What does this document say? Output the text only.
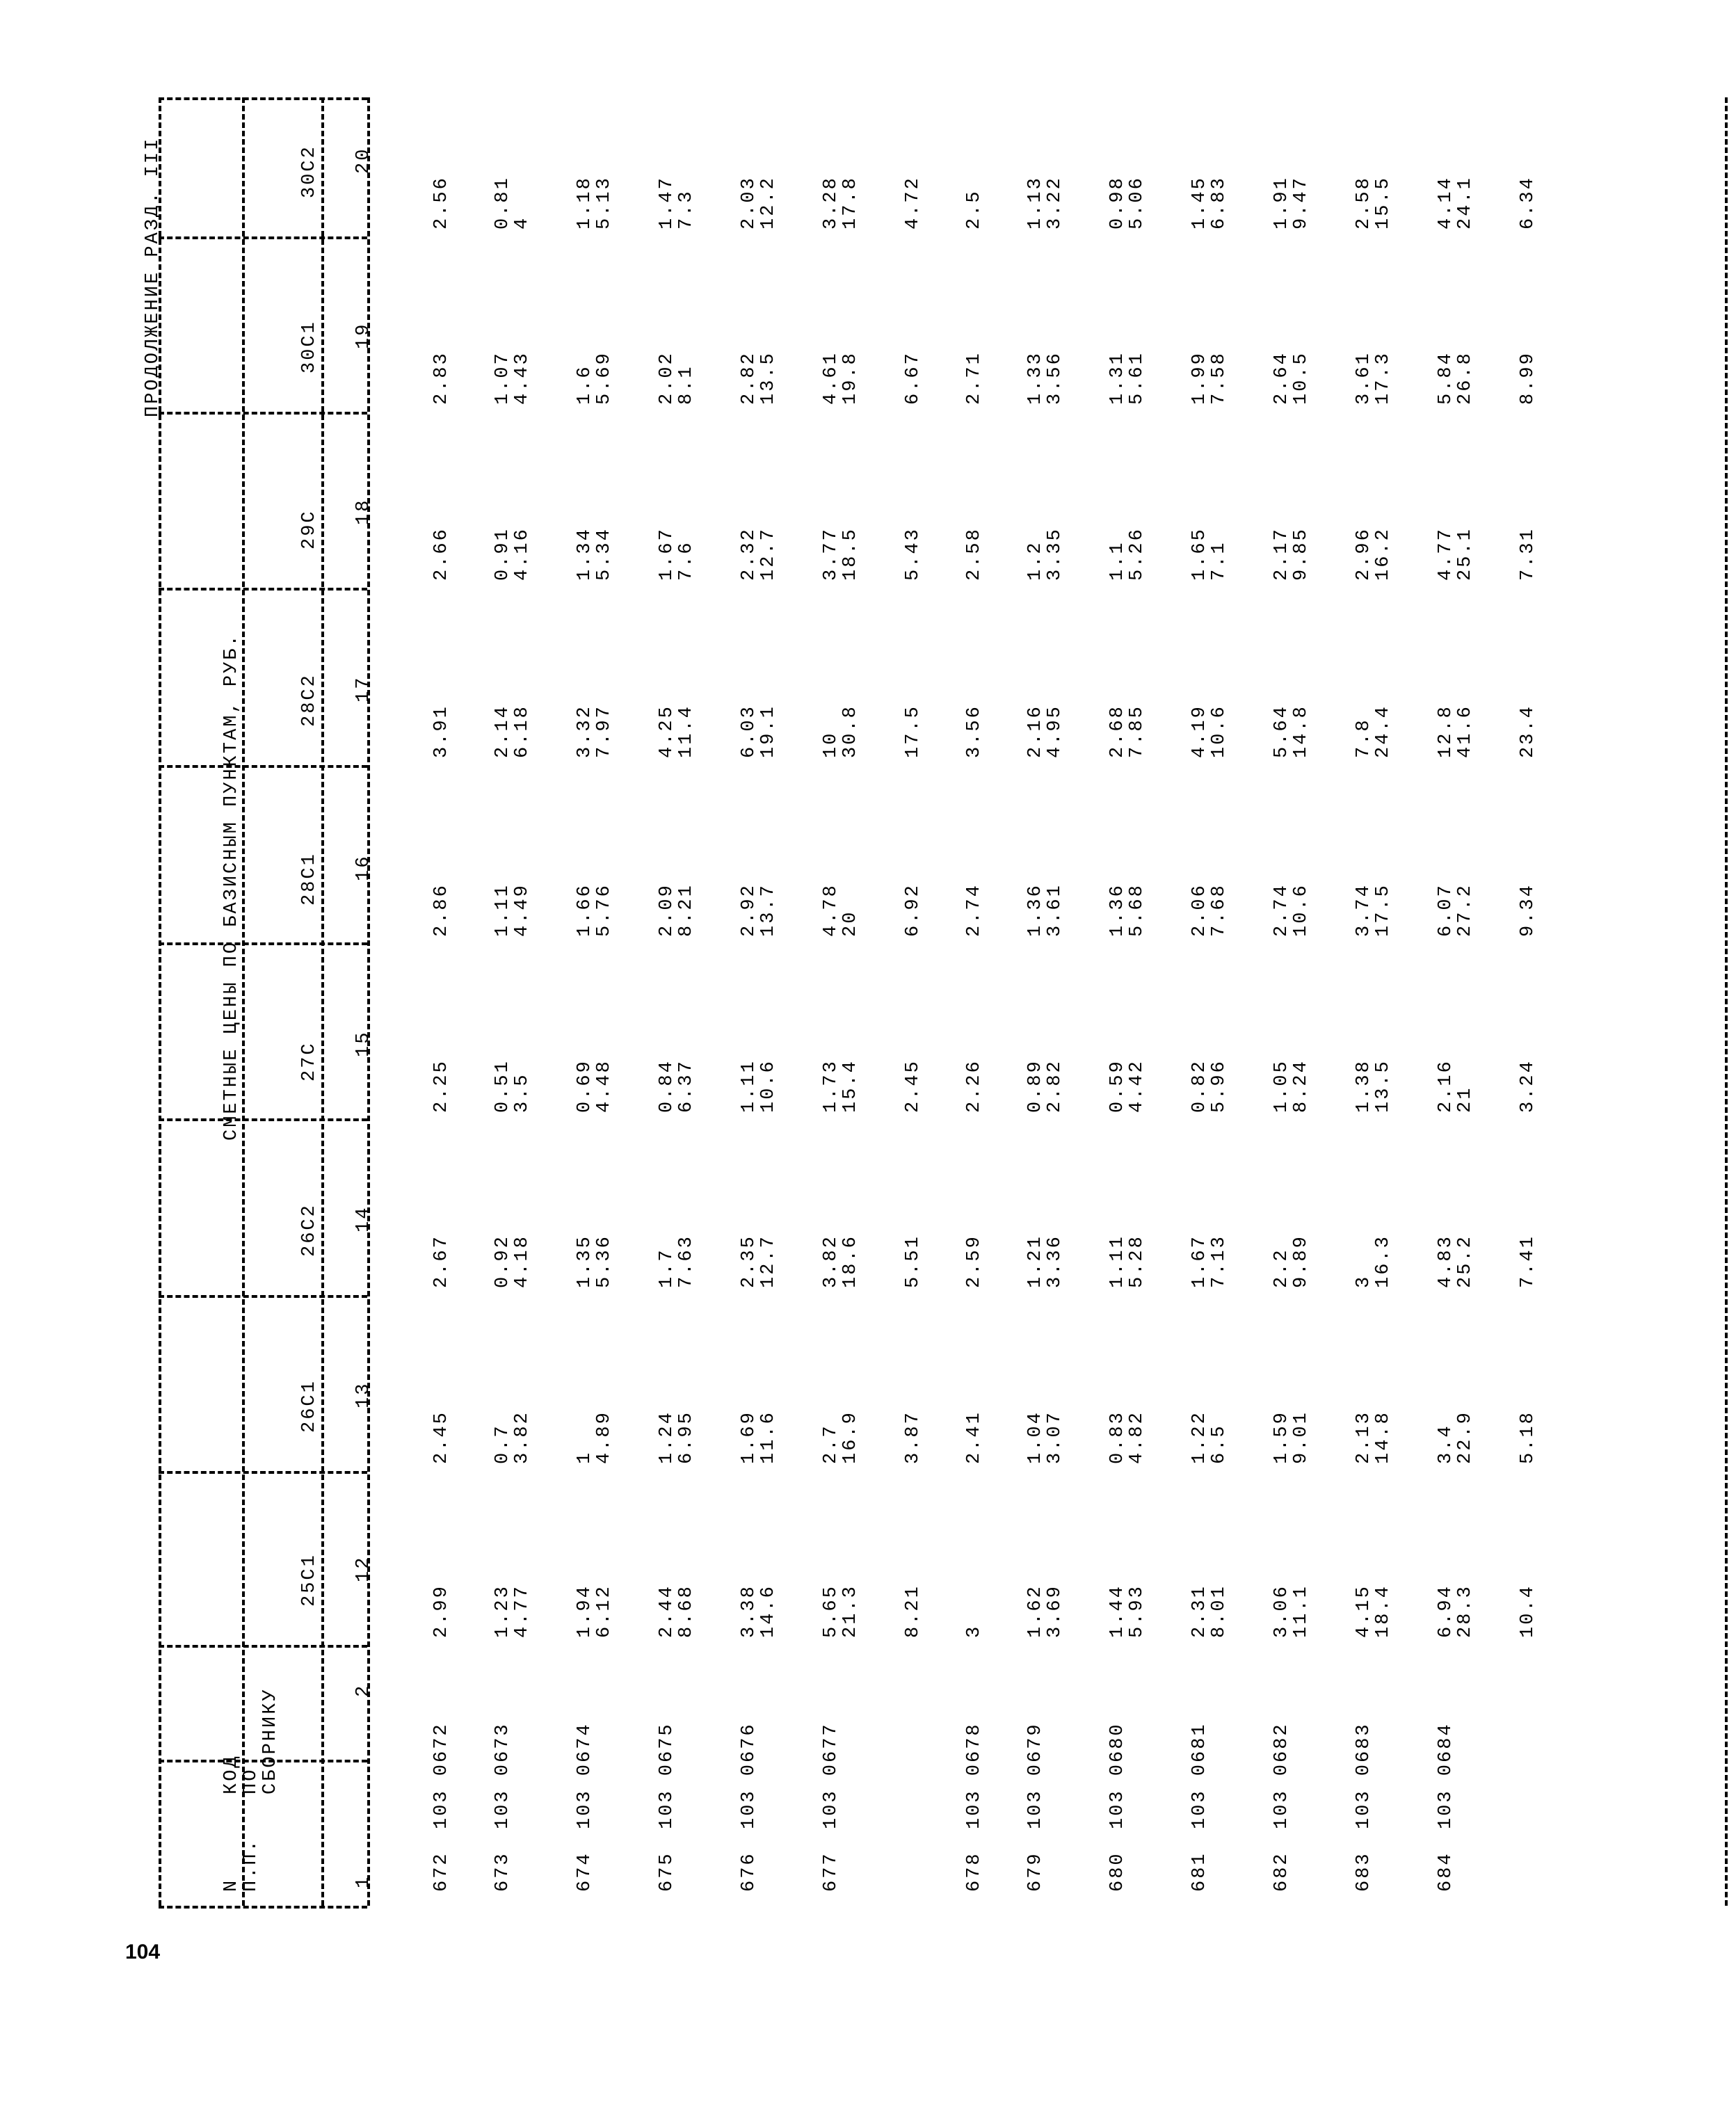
104
ПРОДОЛЖЕНИЕ РАЗД. III
СМЕТНЫЕ ЦЕНЫ ПО БАЗИСНЫМ ПУНКТАМ, РУБ.
N
П.П.
КОД
ПО
СБОРНИКУ
1
2
25С1 12
26С1 13
26С2 14
27С 15
28С1 16
28С2 17
29С 18
30С1 19
30С2 20
672
103 0672
2.99
2.45
2.67
2.25
2.86
3.91
2.66
2.83
2.56
673
103 0673
1.23
0.7
0.92
0.51
1.11
2.14
0.91
1.07
0.81
4.77
3.82
4.18
3.5
4.49
6.18
4.16
4.43
4
674
103 0674
1.94
1
1.35
0.69
1.66
3.32
1.34
1.6
1.18
6.12
4.89
5.36
4.48
5.76
7.97
5.34
5.69
5.13
675
103 0675
2.44
1.24
1.7
0.84
2.09
4.25
1.67
2.02
1.47
8.68
6.95
7.63
6.37
8.21
11.4
7.6
8.1
7.3
676
103 0676
3.38
1.69
2.35
1.11
2.92
6.03
2.32
2.82
2.03
14.6
11.6
12.7
10.6
13.7
19.1
12.7
13.5
12.2
677
103 0677
5.65
2.7
3.82
1.73
4.78
10
3.77
4.61
3.28
21.3
16.9
18.6
15.4
20
30.8
18.5
19.8
17.8
8.21
3.87
5.51
2.45
6.92
17.5
5.43
6.67
4.72
678
103 0678
3
2.41
2.59
2.26
2.74
3.56
2.58
2.71
2.5
679
103 0679
1.62
1.04
1.21
0.89
1.36
2.16
1.2
1.33
1.13
3.69
3.07
3.36
2.82
3.61
4.95
3.35
3.56
3.22
680
103 0680
1.44
0.83
1.11
0.59
1.36
2.68
1.1
1.31
0.98
5.93
4.82
5.28
4.42
5.68
7.85
5.26
5.61
5.06
681
103 0681
2.31
1.22
1.67
0.82
2.06
4.19
1.65
1.99
1.45
8.01
6.5
7.13
5.96
7.68
10.6
7.1
7.58
6.83
682
103 0682
3.06
1.59
2.2
1.05
2.74
5.64
2.17
2.64
1.91
11.1
9.01
9.89
8.24
10.6
14.8
9.85
10.5
9.47
683
103 0683
4.15
2.13
3
1.38
3.74
7.8
2.96
3.61
2.58
18.4
14.8
16.3
13.5
17.5
24.4
16.2
17.3
15.5
684
103 0684
6.94
3.4
4.83
2.16
6.07
12.8
4.77
5.84
4.14
28.3
22.9
25.2
21
27.2
41.6
25.1
26.8
24.1
10.4
5.18
7.41
3.24
9.34
23.4
7.31
8.99
6.34
